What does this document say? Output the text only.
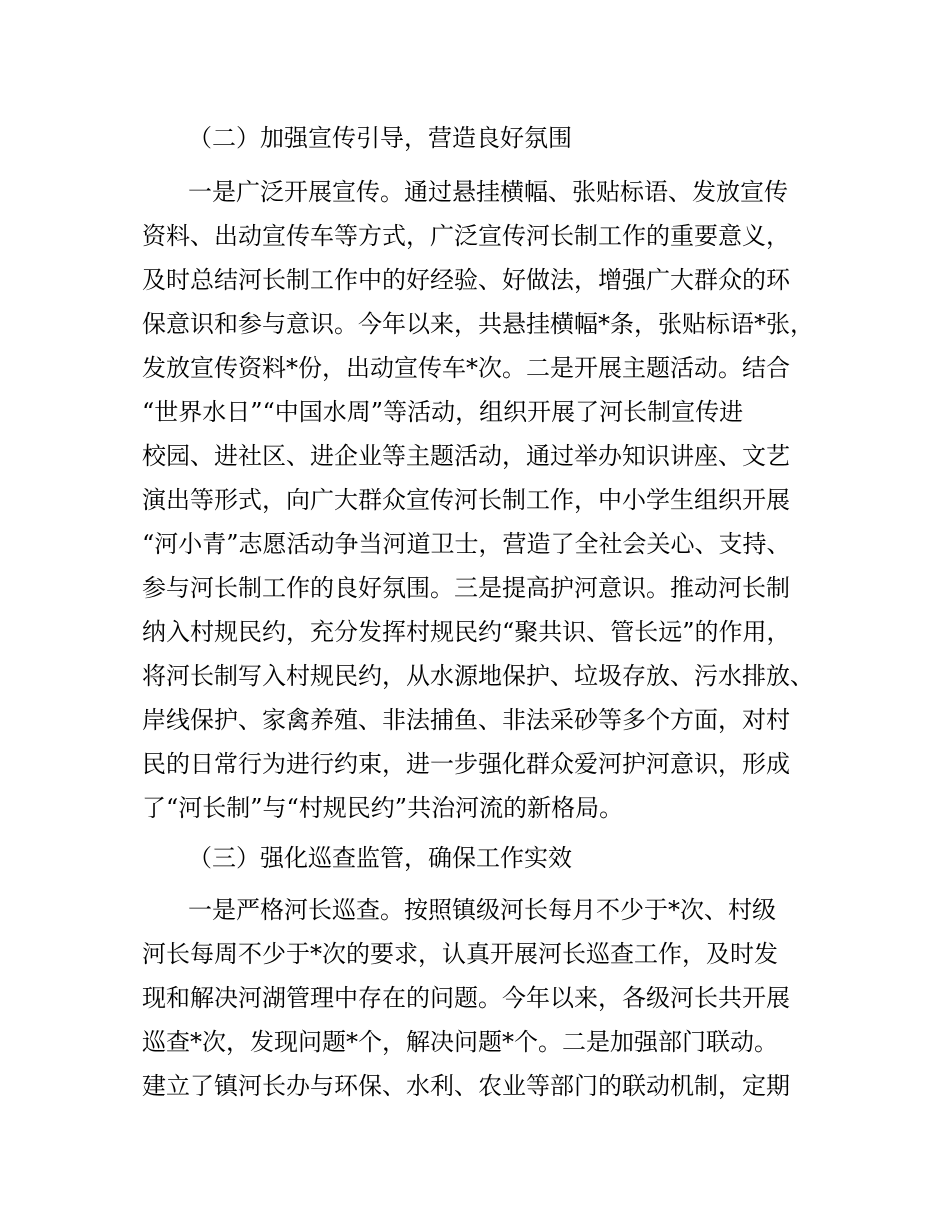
（二）加强宣传引导，营造良好氛围
一是广泛开展宣传。通过悬挂横幅、张贴标语、发放宣传
资料、出动宣传车等方式，广泛宣传河长制工作的重要意义，
及时总结河长制工作中的好经验、好做法，增强广大群众的环
保意识和参与意识。今年以来，共悬挂横幅*条，张贴标语*张，
发放宣传资料*份，出动宣传车*次。二是开展主题活动。结合
“世界水日”“中国水周”等活动，组织开展了河长制宣传进
校园、进社区、进企业等主题活动，通过举办知识讲座、文艺
演出等形式，向广大群众宣传河长制工作，中小学生组织开展
“河小青”志愿活动争当河道卫士，营造了全社会关心、支持、
参与河长制工作的良好氛围。三是提高护河意识。推动河长制
纳入村规民约，充分发挥村规民约“聚共识、管长远”的作用，
将河长制写入村规民约，从水源地保护、垃圾存放、污水排放、
岸线保护、家禽养殖、非法捕鱼、非法采砂等多个方面，对村
民的日常行为进行约束，进一步强化群众爱河护河意识，形成
了“河长制”与“村规民约”共治河流的新格局。
（三）强化巡查监管，确保工作实效
一是严格河长巡查。按照镇级河长每月不少于*次、村级
河长每周不少于*次的要求，认真开展河长巡查工作，及时发
现和解决河湖管理中存在的问题。今年以来，各级河长共开展
巡查*次，发现问题*个，解决问题*个。二是加强部门联动。
建立了镇河长办与环保、水利、农业等部门的联动机制，定期
